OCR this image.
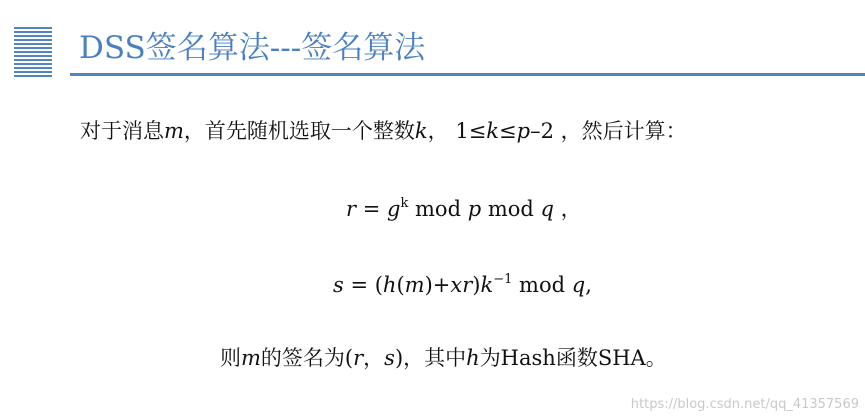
DSS签名算法---签名算法

对于消息m，首先随机选取一个整数k， 1≤k≤p–2 ，然后计算：

$r = g^k$ mod p mod q ，

$s = (h(m)+xr)k^{-1}$ mod q,

则m的签名为(r，s)，其中h为Hash函数SHA。

https://blog.csdn.net/qq_41357569
